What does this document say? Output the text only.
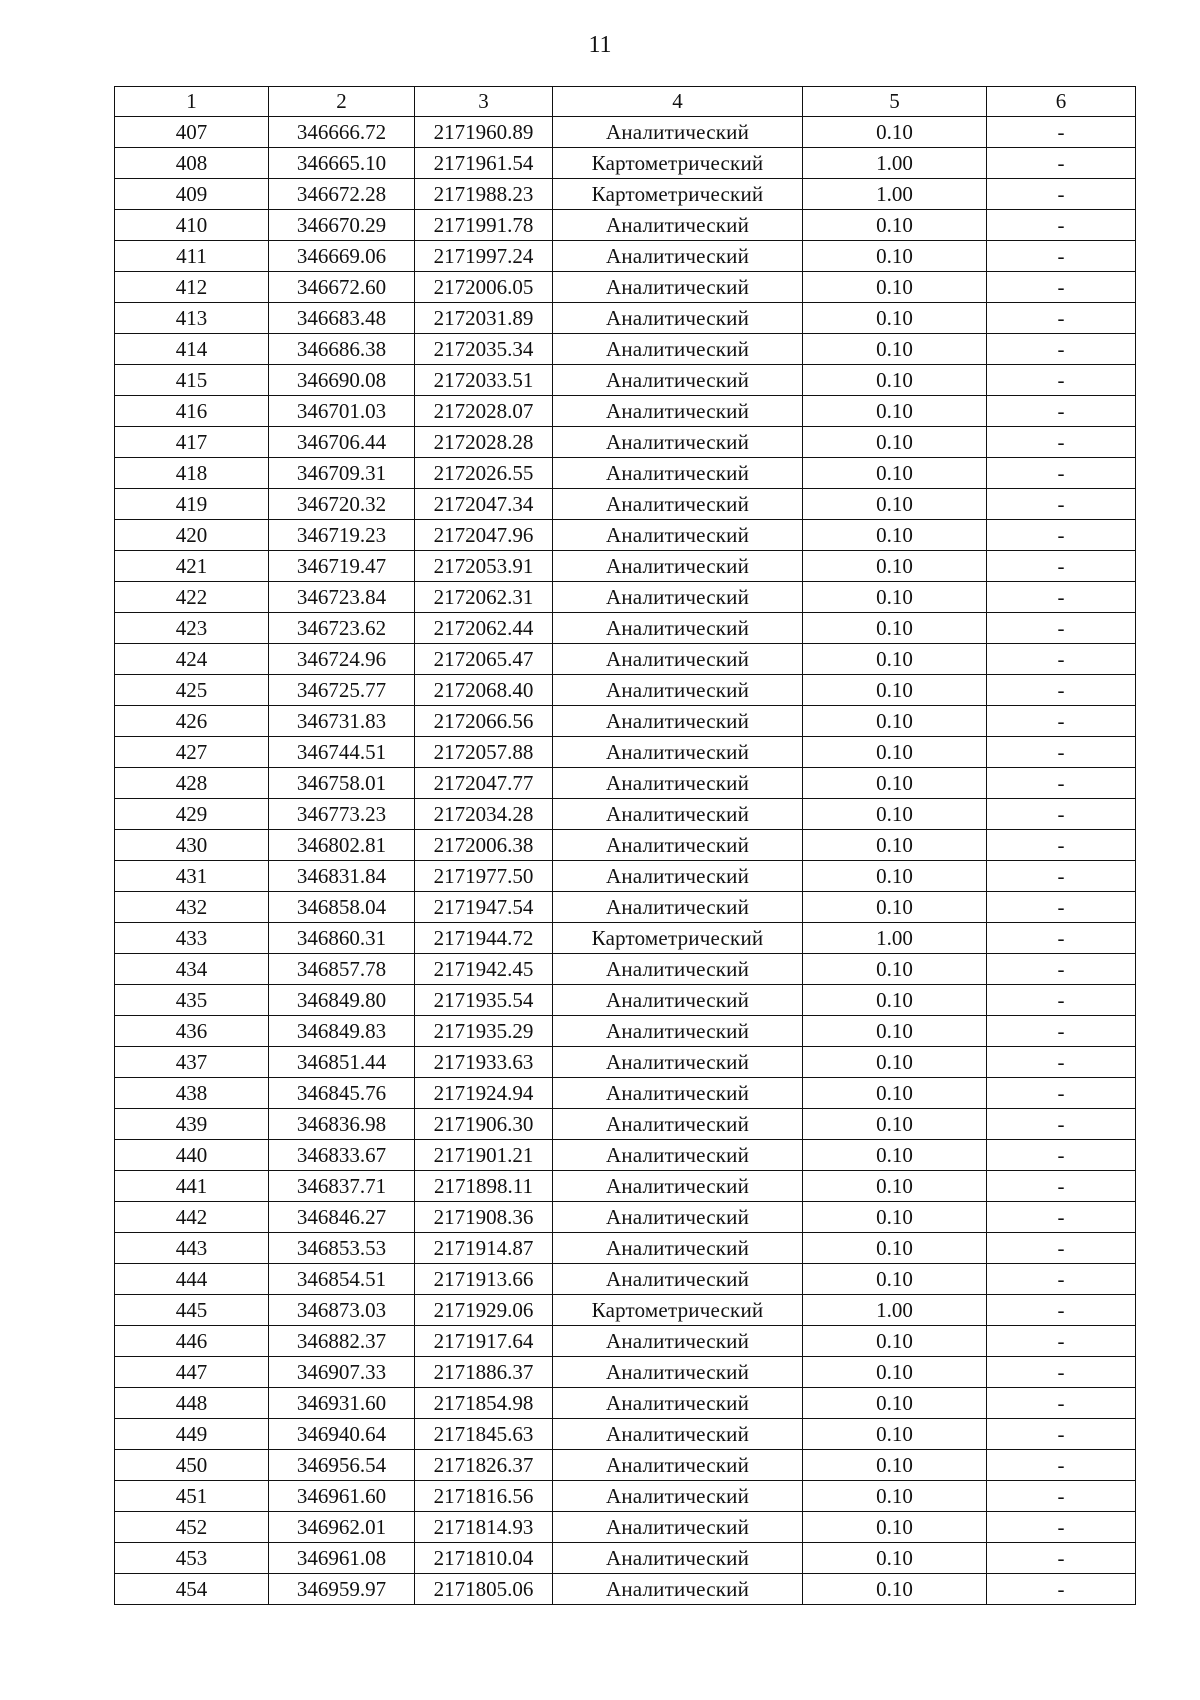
11
1	2	3	4	5	6
407	346666.72	2171960.89	Аналитический	0.10	-
408	346665.10	2171961.54	Картометрический	1.00	-
409	346672.28	2171988.23	Картометрический	1.00	-
410	346670.29	2171991.78	Аналитический	0.10	-
411	346669.06	2171997.24	Аналитический	0.10	-
412	346672.60	2172006.05	Аналитический	0.10	-
413	346683.48	2172031.89	Аналитический	0.10	-
414	346686.38	2172035.34	Аналитический	0.10	-
415	346690.08	2172033.51	Аналитический	0.10	-
416	346701.03	2172028.07	Аналитический	0.10	-
417	346706.44	2172028.28	Аналитический	0.10	-
418	346709.31	2172026.55	Аналитический	0.10	-
419	346720.32	2172047.34	Аналитический	0.10	-
420	346719.23	2172047.96	Аналитический	0.10	-
421	346719.47	2172053.91	Аналитический	0.10	-
422	346723.84	2172062.31	Аналитический	0.10	-
423	346723.62	2172062.44	Аналитический	0.10	-
424	346724.96	2172065.47	Аналитический	0.10	-
425	346725.77	2172068.40	Аналитический	0.10	-
426	346731.83	2172066.56	Аналитический	0.10	-
427	346744.51	2172057.88	Аналитический	0.10	-
428	346758.01	2172047.77	Аналитический	0.10	-
429	346773.23	2172034.28	Аналитический	0.10	-
430	346802.81	2172006.38	Аналитический	0.10	-
431	346831.84	2171977.50	Аналитический	0.10	-
432	346858.04	2171947.54	Аналитический	0.10	-
433	346860.31	2171944.72	Картометрический	1.00	-
434	346857.78	2171942.45	Аналитический	0.10	-
435	346849.80	2171935.54	Аналитический	0.10	-
436	346849.83	2171935.29	Аналитический	0.10	-
437	346851.44	2171933.63	Аналитический	0.10	-
438	346845.76	2171924.94	Аналитический	0.10	-
439	346836.98	2171906.30	Аналитический	0.10	-
440	346833.67	2171901.21	Аналитический	0.10	-
441	346837.71	2171898.11	Аналитический	0.10	-
442	346846.27	2171908.36	Аналитический	0.10	-
443	346853.53	2171914.87	Аналитический	0.10	-
444	346854.51	2171913.66	Аналитический	0.10	-
445	346873.03	2171929.06	Картометрический	1.00	-
446	346882.37	2171917.64	Аналитический	0.10	-
447	346907.33	2171886.37	Аналитический	0.10	-
448	346931.60	2171854.98	Аналитический	0.10	-
449	346940.64	2171845.63	Аналитический	0.10	-
450	346956.54	2171826.37	Аналитический	0.10	-
451	346961.60	2171816.56	Аналитический	0.10	-
452	346962.01	2171814.93	Аналитический	0.10	-
453	346961.08	2171810.04	Аналитический	0.10	-
454	346959.97	2171805.06	Аналитический	0.10	-
